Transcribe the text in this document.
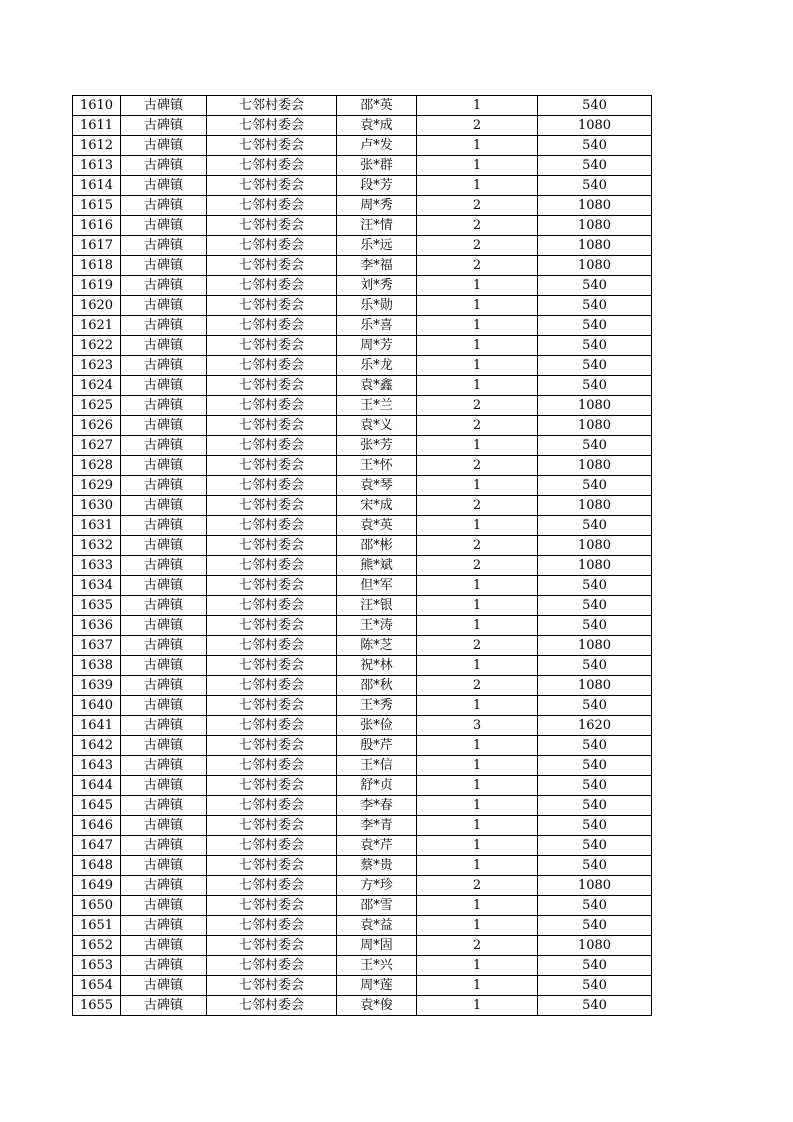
1610	古碑镇	七邻村委会	邵*英	1	540
1611	古碑镇	七邻村委会	袁*成	2	1080
1612	古碑镇	七邻村委会	卢*发	1	540
1613	古碑镇	七邻村委会	张*群	1	540
1614	古碑镇	七邻村委会	段*芳	1	540
1615	古碑镇	七邻村委会	周*秀	2	1080
1616	古碑镇	七邻村委会	汪*情	2	1080
1617	古碑镇	七邻村委会	乐*远	2	1080
1618	古碑镇	七邻村委会	李*福	2	1080
1619	古碑镇	七邻村委会	刘*秀	1	540
1620	古碑镇	七邻村委会	乐*勋	1	540
1621	古碑镇	七邻村委会	乐*喜	1	540
1622	古碑镇	七邻村委会	周*芳	1	540
1623	古碑镇	七邻村委会	乐*龙	1	540
1624	古碑镇	七邻村委会	袁*鑫	1	540
1625	古碑镇	七邻村委会	王*兰	2	1080
1626	古碑镇	七邻村委会	袁*义	2	1080
1627	古碑镇	七邻村委会	张*芳	1	540
1628	古碑镇	七邻村委会	王*怀	2	1080
1629	古碑镇	七邻村委会	袁*琴	1	540
1630	古碑镇	七邻村委会	宋*成	2	1080
1631	古碑镇	七邻村委会	袁*英	1	540
1632	古碑镇	七邻村委会	邵*彬	2	1080
1633	古碑镇	七邻村委会	熊*斌	2	1080
1634	古碑镇	七邻村委会	但*军	1	540
1635	古碑镇	七邻村委会	汪*银	1	540
1636	古碑镇	七邻村委会	王*涛	1	540
1637	古碑镇	七邻村委会	陈*芝	2	1080
1638	古碑镇	七邻村委会	祝*林	1	540
1639	古碑镇	七邻村委会	邵*秋	2	1080
1640	古碑镇	七邻村委会	王*秀	1	540
1641	古碑镇	七邻村委会	张*俭	3	1620
1642	古碑镇	七邻村委会	殷*芹	1	540
1643	古碑镇	七邻村委会	王*信	1	540
1644	古碑镇	七邻村委会	舒*贞	1	540
1645	古碑镇	七邻村委会	李*春	1	540
1646	古碑镇	七邻村委会	李*青	1	540
1647	古碑镇	七邻村委会	袁*芹	1	540
1648	古碑镇	七邻村委会	蔡*贵	1	540
1649	古碑镇	七邻村委会	方*珍	2	1080
1650	古碑镇	七邻村委会	邵*雪	1	540
1651	古碑镇	七邻村委会	袁*益	1	540
1652	古碑镇	七邻村委会	周*固	2	1080
1653	古碑镇	七邻村委会	王*兴	1	540
1654	古碑镇	七邻村委会	周*莲	1	540
1655	古碑镇	七邻村委会	袁*俊	1	540
